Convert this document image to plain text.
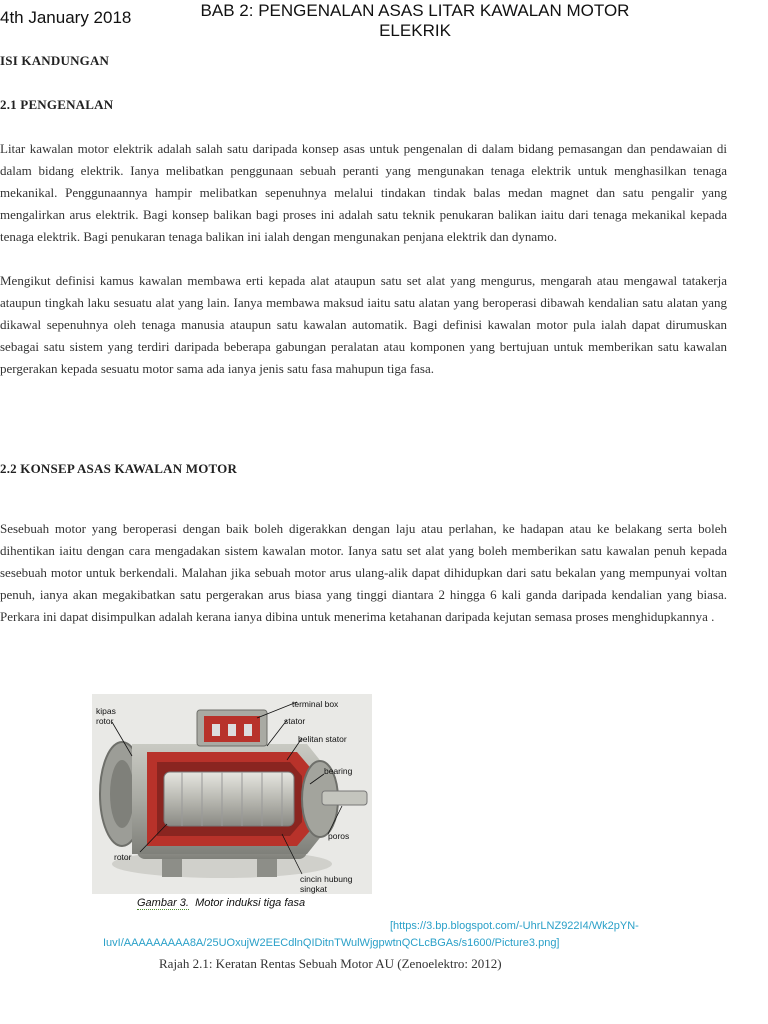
4th January 2018	BAB 2: PENGENALAN ASAS LITAR KAWALAN MOTOR
ELEKRIK
ISI KANDUNGAN
2.1 PENGENALAN

Litar kawalan motor elektrik adalah salah satu daripada konsep asas untuk pengenalan di dalam bidang pemasangan dan pendawaian di dalam bidang elektrik. Ianya melibatkan penggunaan sebuah peranti yang mengunakan tenaga elektrik untuk menghasilkan tenaga mekanikal. Penggunaannya hampir melibatkan sepenuhnya melalui tindakan tindak balas medan magnet dan satu pengalir yang mengalirkan arus elektrik. Bagi konsep balikan bagi proses ini adalah satu teknik penukaran balikan iaitu dari tenaga mekanikal kepada tenaga elektrik. Bagi penukaran tenaga balikan ini ialah dengan mengunakan penjana elektrik dan dynamo.

Mengikut definisi kamus kawalan membawa erti kepada alat ataupun satu set alat yang mengurus, mengarah atau mengawal tatakerja ataupun tingkah laku sesuatu alat yang lain. Ianya membawa maksud iaitu satu alatan yang beroperasi dibawah kendalian satu alatan yang dikawal sepenuhnya oleh tenaga manusia ataupun satu kawalan automatik. Bagi definisi kawalan motor pula ialah dapat dirumuskan sebagai satu sistem yang terdiri daripada beberapa gabungan peralatan atau komponen yang bertujuan untuk memberikan satu kawalan pergerakan kepada sesuatu motor sama ada ianya jenis satu fasa mahupun tiga fasa.

2.2 KONSEP ASAS KAWALAN MOTOR

Sesebuah motor yang beroperasi dengan baik boleh digerakkan dengan laju atau perlahan, ke hadapan atau ke belakang serta boleh dihentikan iaitu dengan cara mengadakan sistem kawalan motor. Ianya satu set alat yang boleh memberikan satu kawalan penuh kepada sesebuah motor untuk berkendali. Malahan jika sebuah motor arus ulang-alik dapat dihidupkan dari satu bekalan yang mempunyai voltan penuh, ianya akan megakibatkan satu pergerakan arus biasa yang tinggi diantara 2 hingga 6 kali ganda daripada kendalian yang biasa. Perkara ini dapat disimpulkan adalah kerana ianya dibina untuk menerima ketahanan daripada kejutan semasa proses menghidupkannya .

terminal box
kipas
rotor	stator
belitan stator
bearing
poros
rotor
cincin hubung
singkat
Gambar 3. Motor induksi tiga fasa
[https://3.bp.blogspot.com/-UhrLNZ922I4/Wk2pYN-
IuvI/AAAAAAAAA8A/25UOxujW2EECdlnQIDitnTWulWjgpwtnQCLcBGAs/s1600/Picture3.png]
Rajah 2.1: Keratan Rentas Sebuah Motor AU (Zenoelektro: 2012)
